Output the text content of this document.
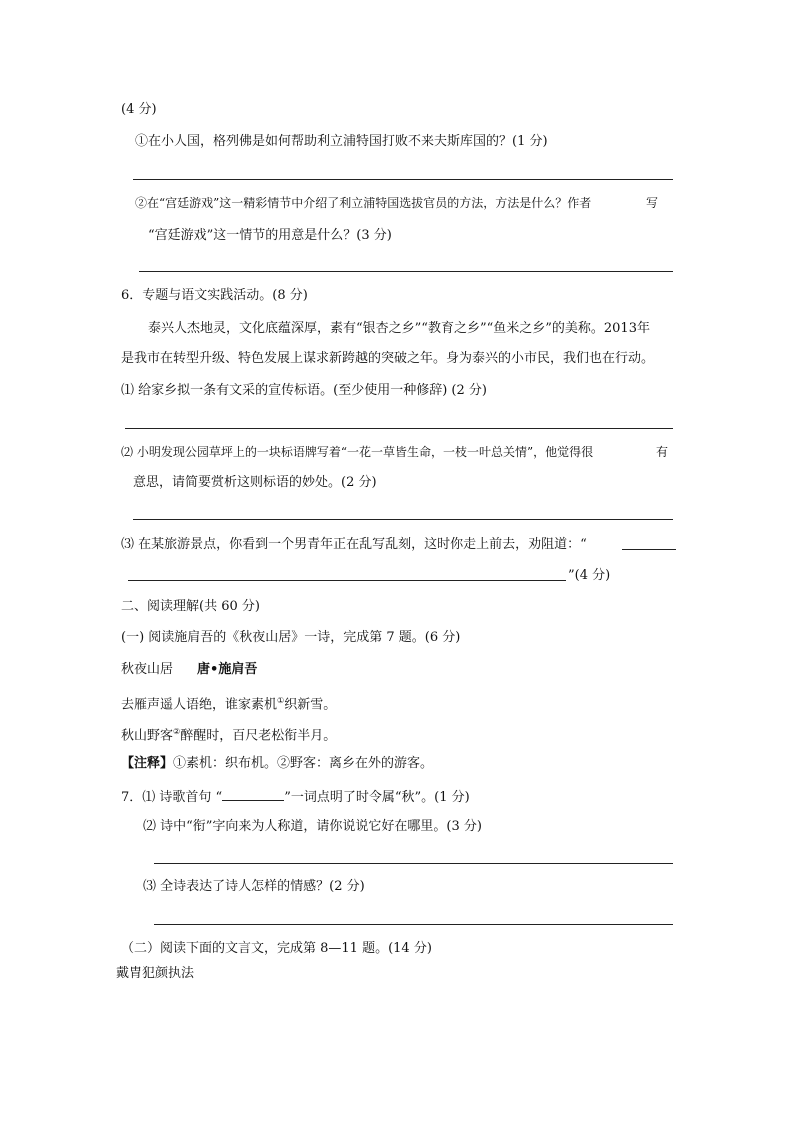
(4 分)
①在小人国，格列佛是如何帮助利立浦特国打败不来夫斯库国的？(1 分)
②在“宫廷游戏”这一精彩情节中介绍了利立浦特国选拔官员的方法，方法是什么？作者	写
“宫廷游戏”这一情节的用意是什么？(3 分)
6．专题与语文实践活动。(8 分)
泰兴人杰地灵，文化底蕴深厚，素有“银杏之乡”“教育之乡”“鱼米之乡”的美称。2013年
是我市在转型升级、特色发展上谋求新跨越的突破之年。身为泰兴的小市民，我们也在行动。
⑴ 给家乡拟一条有文采的宣传标语。(至少使用一种修辞) (2 分)
⑵ 小明发现公园草坪上的一块标语牌写着“一花一草皆生命，一枝一叶总关情”，他觉得很	有
意思，请简要赏析这则标语的妙处。(2 分)
⑶ 在某旅游景点，你看到一个男青年正在乱写乱刻，这时你走上前去，劝阻道：“
”(4 分)
二、阅读理解(共 60 分)
(一) 阅读施肩吾的《秋夜山居》一诗，完成第 7 题。(6 分)
秋夜山居 唐•施肩吾
去雁声遥人语绝，谁家素机①织新雪。
秋山野客②醉醒时，百尺老松衔半月。
【注释】①素机：织布机。②野客：离乡在外的游客。
7．⑴ 诗歌首句 “	”一词点明了时令属“秋”。(1 分)
⑵ 诗中“衔”字向来为人称道，请你说说它好在哪里。(3 分)
⑶ 全诗表达了诗人怎样的情感？(2 分)
（二）阅读下面的文言文，完成第 8—11 题。(14 分)
戴胄犯颜执法
